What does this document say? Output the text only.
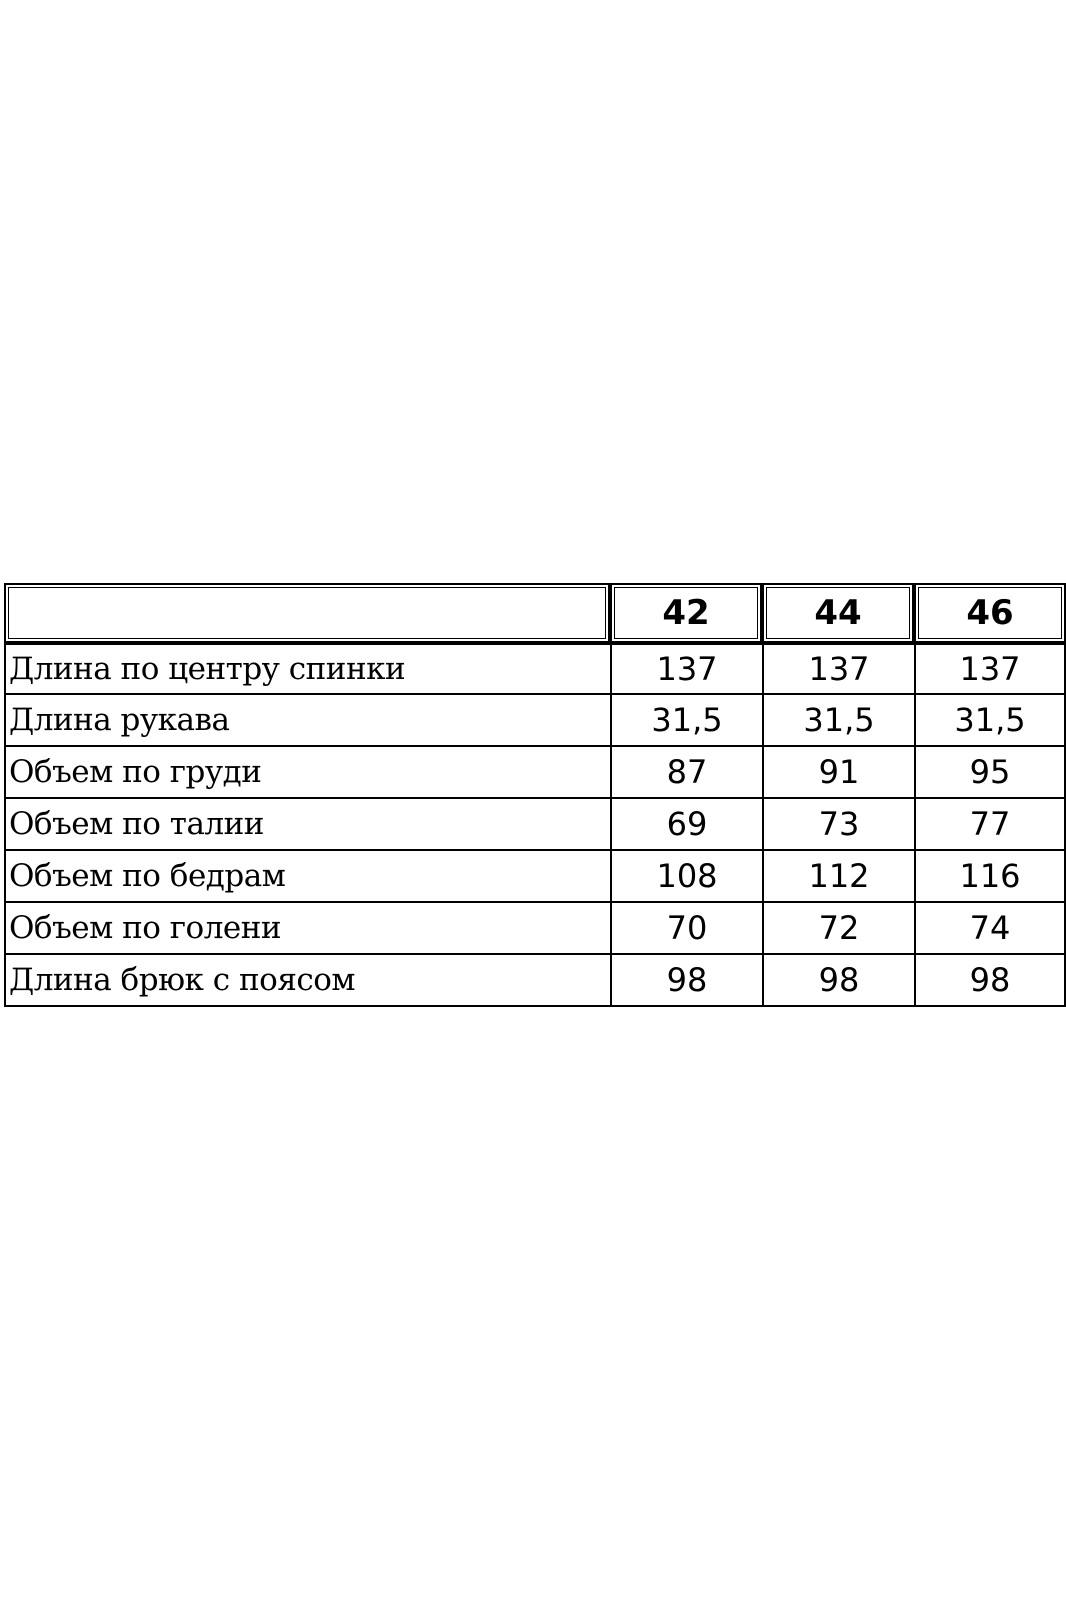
	42	44	46
Длина по центру спинки	137	137	137
Длина рукава	31,5	31,5	31,5
Объем по груди	87	91	95
Объем по талии	69	73	77
Объем по бедрам	108	112	116
Объем по голени	70	72	74
Длина брюк с поясом	98	98	98
